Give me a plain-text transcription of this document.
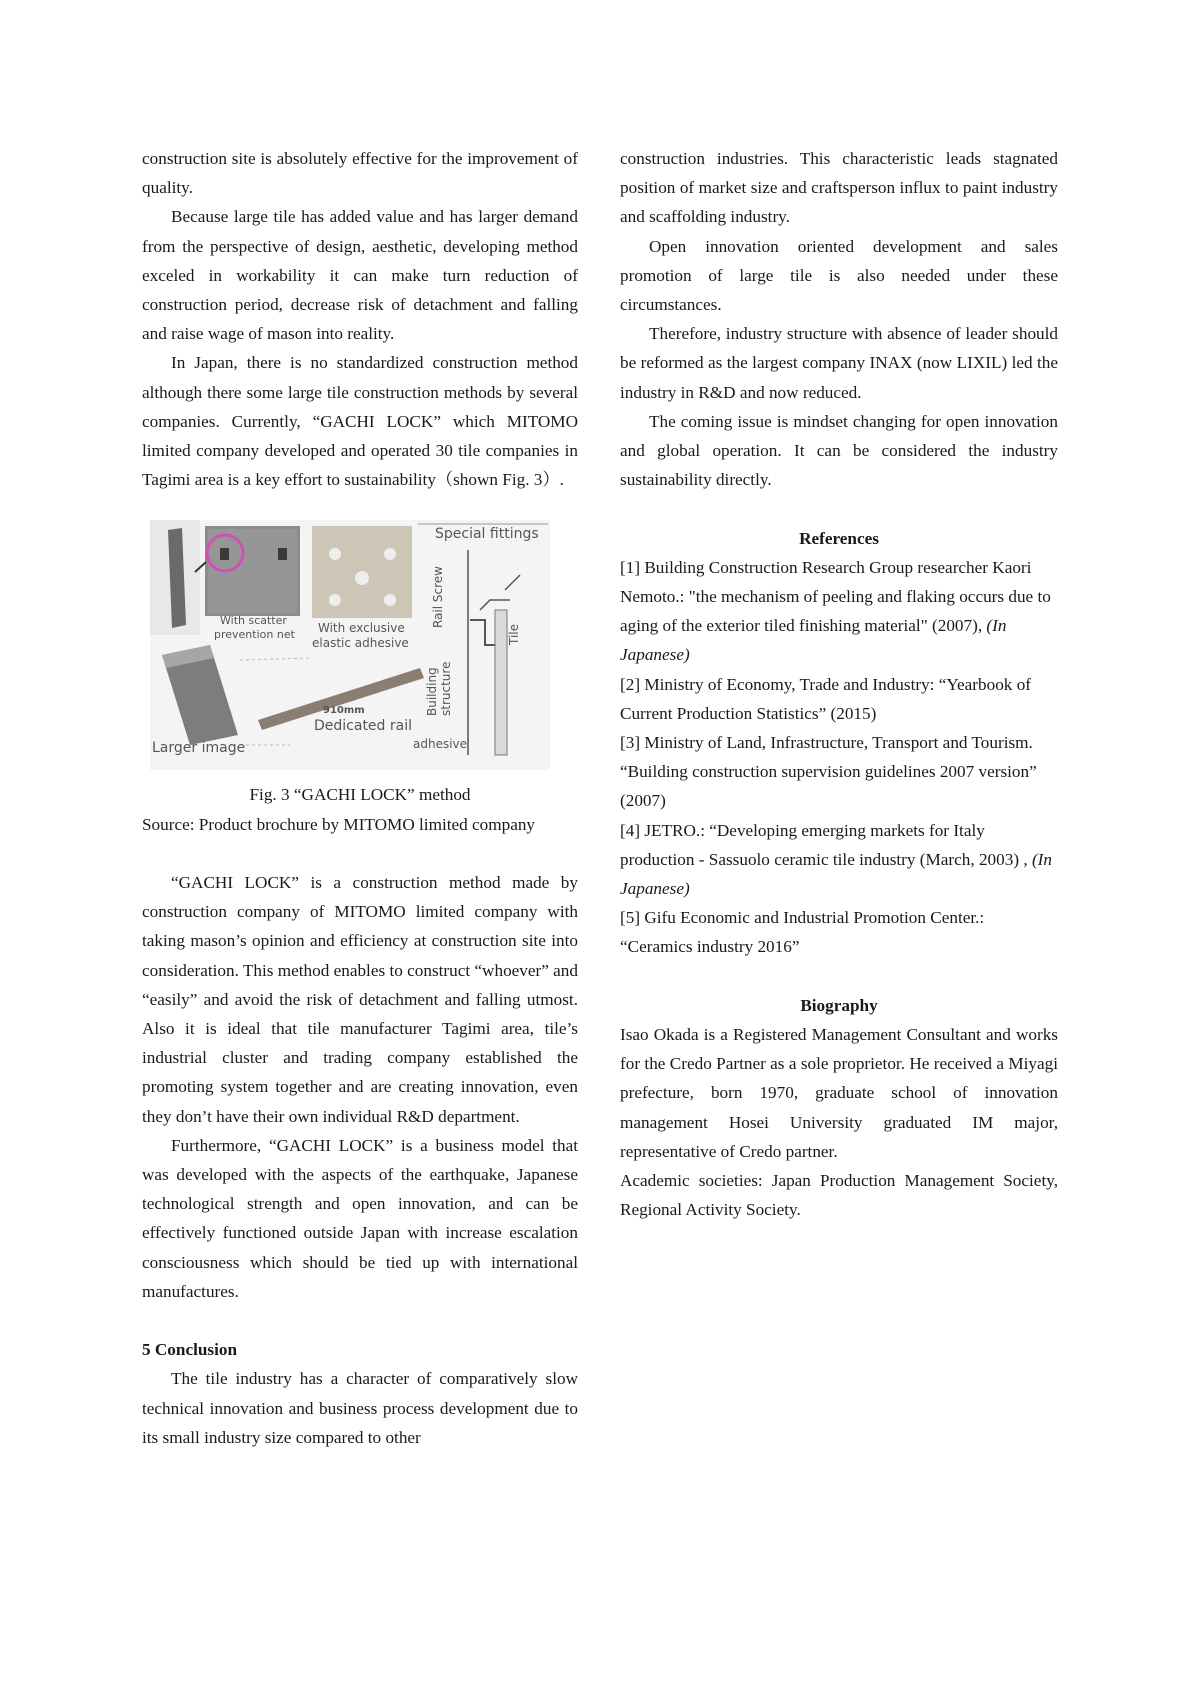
construction site is absolutely effective for the improvement of quality.

Because large tile has added value and has larger demand from the perspective of design, aesthetic, developing method exceled in workability it can make turn reduction of construction period, decrease risk of detachment and falling and raise wage of mason into reality.

In Japan, there is no standardized construction method although there some large tile construction methods by several companies. Currently, “GACHI LOCK” which MITOMO limited company developed and operated 30 tile companies in Tagimi area is a key effort to sustainability（shown Fig. 3）.

Special fittings
Rail Screw
Tile
With scatter
prevention net With exclusive
elastic adhesive
910mm
Dedicated rail
Building structure
Larger image	adhesive

Fig. 3 “GACHI LOCK” method

Source: Product brochure by MITOMO limited company

“GACHI LOCK” is a construction method made by construction company of MITOMO limited company with taking mason’s opinion and efficiency at construction site into consideration. This method enables to construct “whoever” and “easily” and avoid the risk of detachment and falling utmost. Also it is ideal that tile manufacturer Tagimi area, tile’s industrial cluster and trading company established the promoting system together and are creating innovation, even they don’t have their own individual R&D department.

Furthermore, “GACHI LOCK” is a business model that was developed with the aspects of the earthquake, Japanese technological strength and open innovation, and can be effectively functioned outside Japan with increase escalation consciousness which should be tied up with international manufactures.

5 Conclusion

The tile industry has a character of comparatively slow technical innovation and business process development due to its small industry size compared to other

construction industries. This characteristic leads stagnated position of market size and craftsperson influx to paint industry and scaffolding industry.

Open innovation oriented development and sales promotion of large tile is also needed under these circumstances.

Therefore, industry structure with absence of leader should be reformed as the largest company INAX (now LIXIL) led the industry in R&D and now reduced.

The coming issue is mindset changing for open innovation and global operation. It can be considered the industry sustainability directly.

References

[1] Building Construction Research Group researcher Kaori Nemoto.: "the mechanism of peeling and flaking occurs due to aging of the exterior tiled finishing material" (2007), (In Japanese)

[2] Ministry of Economy, Trade and Industry: “Yearbook of Current Production Statistics” (2015)

[3] Ministry of Land, Infrastructure, Transport and Tourism. “Building construction supervision guidelines 2007 version” (2007)

[4] JETRO.: “Developing emerging markets for Italy production - Sassuolo ceramic tile industry (March, 2003) , (In Japanese)

[5] Gifu Economic and Industrial Promotion Center.: “Ceramics industry 2016”

Biography

Isao Okada is a Registered Management Consultant and works for the Credo Partner as a sole proprietor. He received a Miyagi prefecture, born 1970, graduate school of innovation management Hosei University graduated IM major, representative of Credo partner.

Academic societies: Japan Production Management Society, Regional Activity Society.
